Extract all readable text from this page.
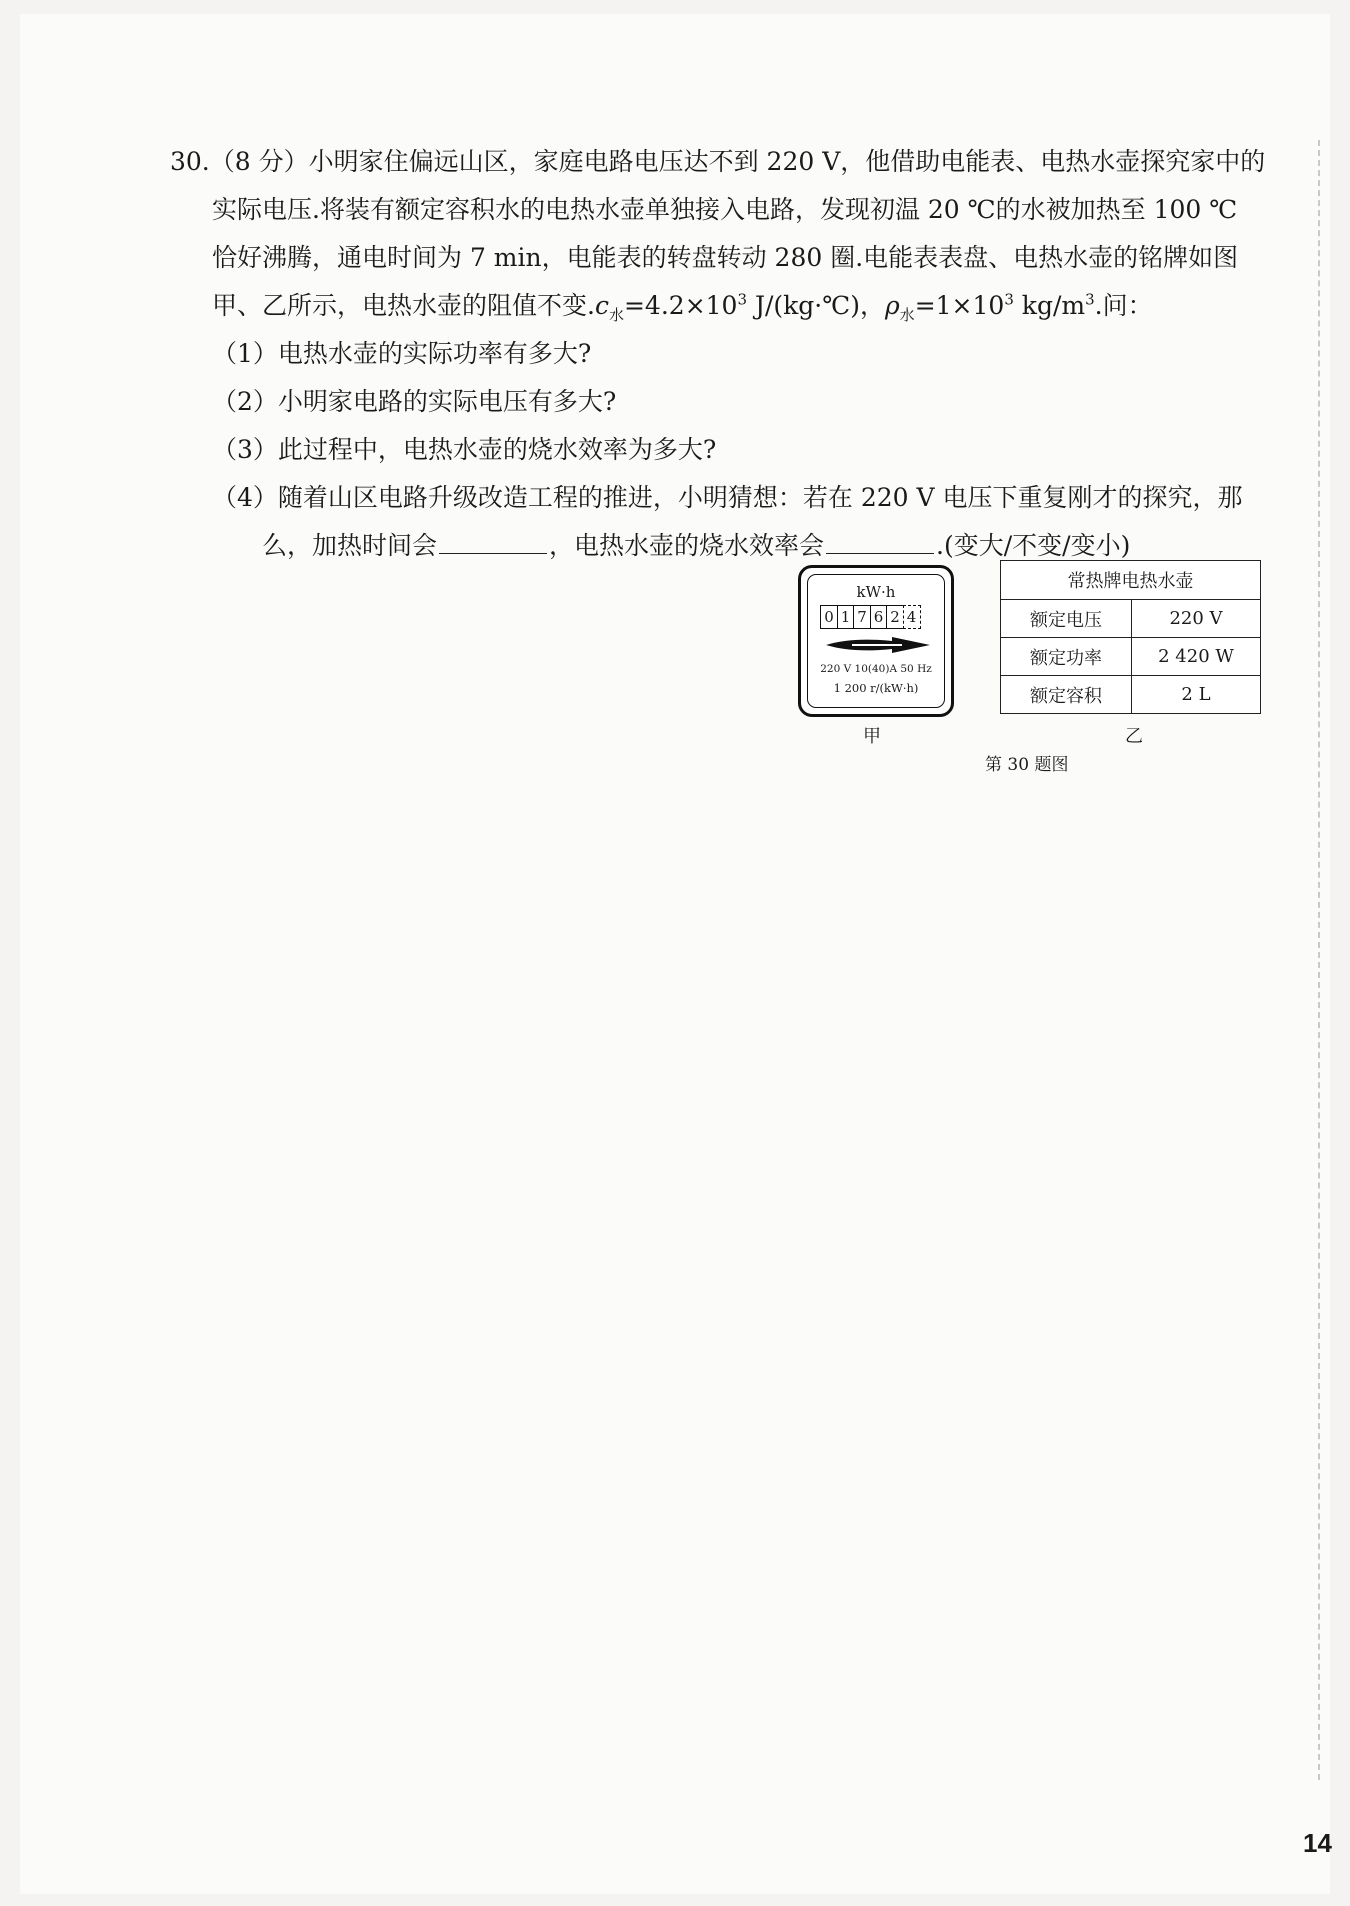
30.（8 分）小明家住偏远山区，家庭电路电压达不到 220 V，他借助电能表、电热水壶探究家中的
实际电压.将装有额定容积水的电热水壶单独接入电路，发现初温 20 ℃的水被加热至 100 ℃
恰好沸腾，通电时间为 7 min，电能表的转盘转动 280 圈.电能表表盘、电热水壶的铭牌如图
甲、乙所示，电热水壶的阻值不变$.c_水=4.2\times 10^3$ J/(kg·℃)，$\rho_水=1\times 10^3$ $kg/m^3$.问：
（1）电热水壶的实际功率有多大?
（2）小明家电路的实际电压有多大?
（3）此过程中，电热水壶的烧水效率为多大?
（4）随着山区电路升级改造工程的推进，小明猜想：若在 220 V 电压下重复刚才的探究，那
么，加热时间会	，电热水壶的烧水效率会	.(变大/不变/变小)
kW·h
0 1 7 6 2 4
220 V 10(40)A 50 Hz
1 200 r/(kW·h)
甲
常热牌电热水壶	
额定电压	220 V
额定功率	2 420 W
额定容积	2 L
乙
第 30 题图
14
